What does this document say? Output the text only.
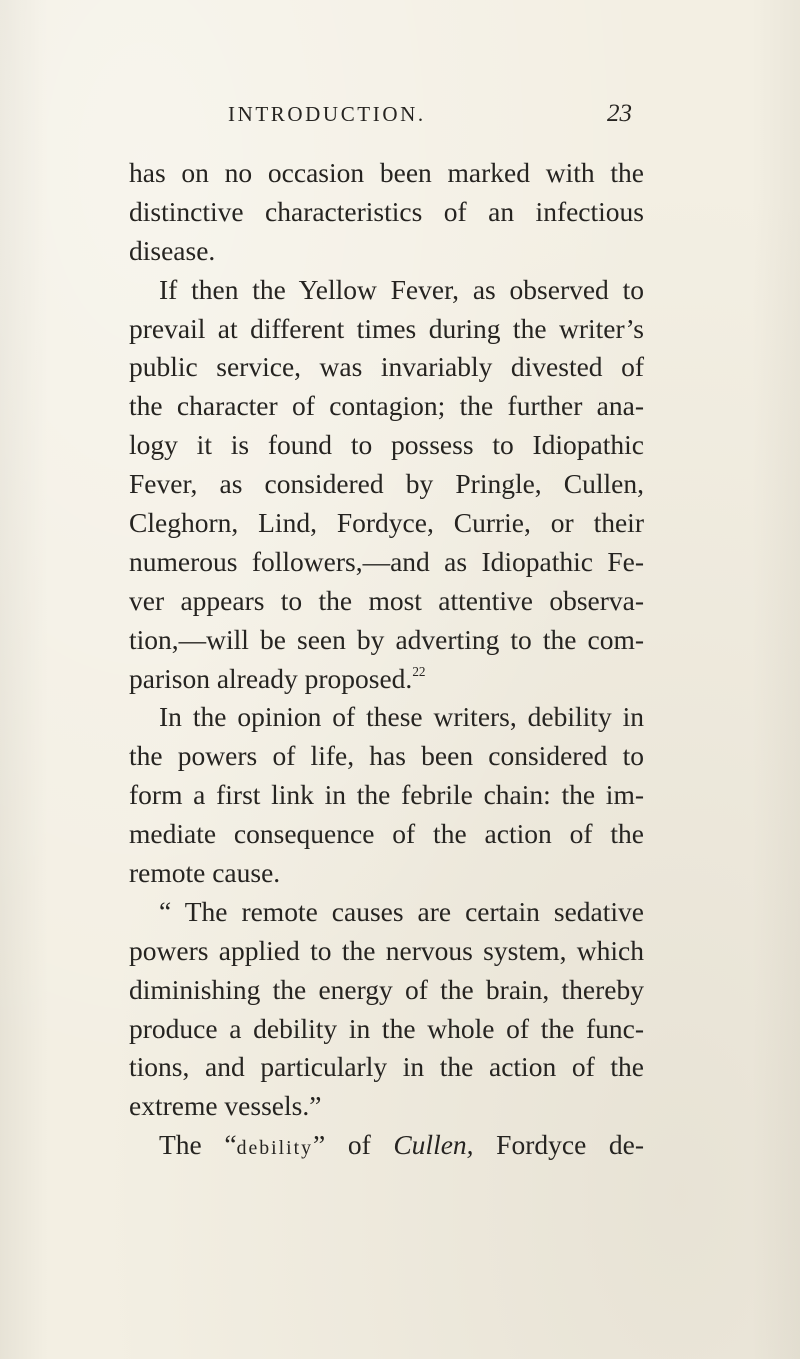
INTRODUCTION.	23
has on no occasion been marked with the
distinctive characteristics of an infectious
disease.
If then the Yellow Fever, as observed to
prevail at different times during the writer’s
public service, was invariably divested of
the character of contagion; the further ana-
logy it is found to possess to Idiopathic
Fever, as considered by Pringle, Cullen,
Cleghorn, Lind, Fordyce, Currie, or their
numerous followers,—and as Idiopathic Fe-
ver appears to the most attentive observa-
tion,—will be seen by adverting to the com-
parison already proposed.$^{22}$
In the opinion of these writers, debility in
the powers of life, has been considered to
form a first link in the febrile chain: the im-
mediate consequence of the action of the
remote cause.
“ The remote causes are certain sedative
powers applied to the nervous system, which
diminishing the energy of the brain, thereby
produce a debility in the whole of the func-
tions, and particularly in the action of the
extreme vessels.”
The “debility” of Cullen, Fordyce de-
